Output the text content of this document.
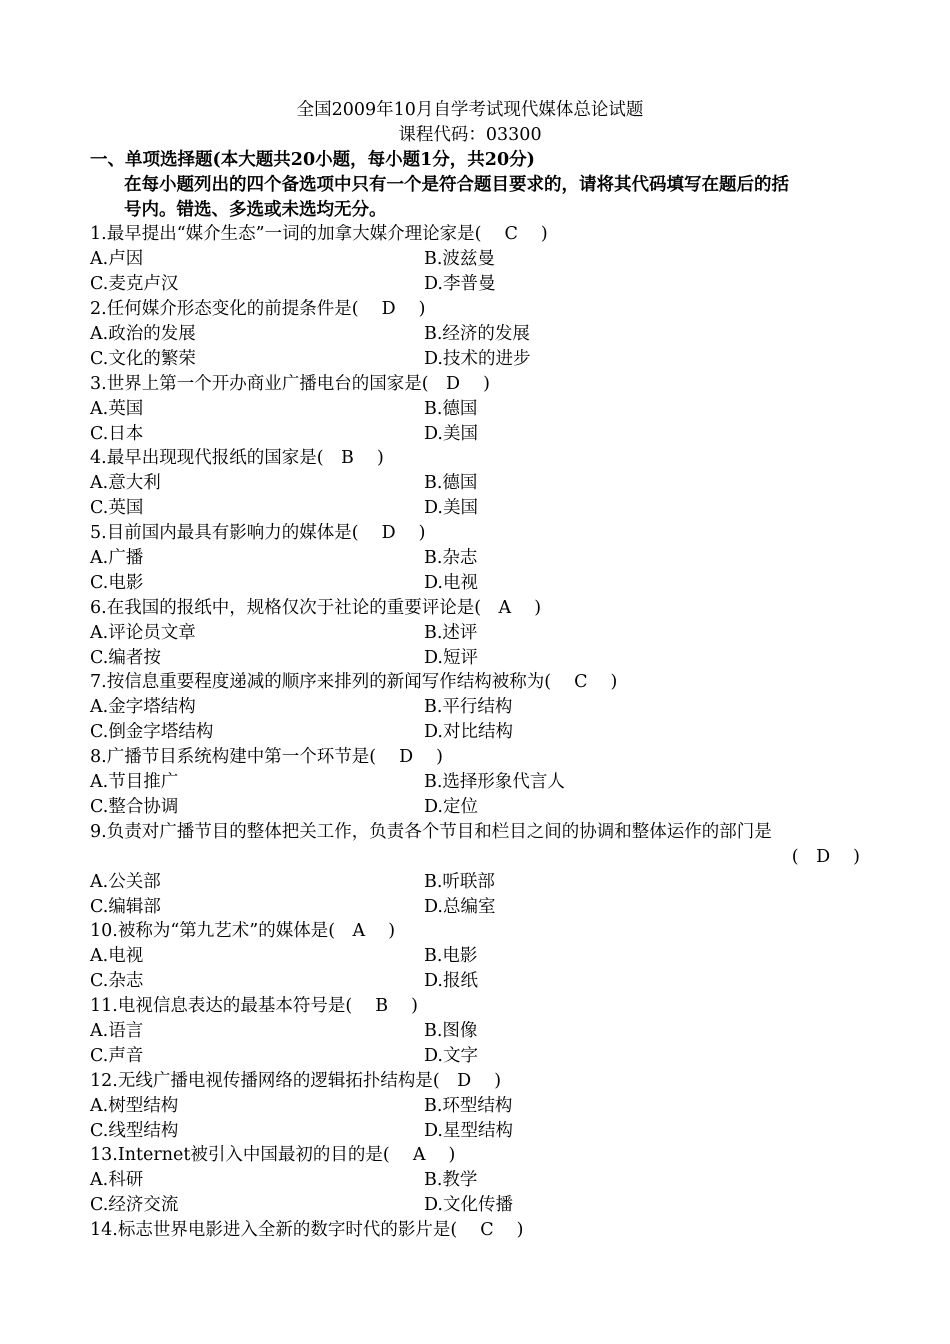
全国2009年10月自学考试现代媒体总论试题
课程代码：03300
一、单项选择题(本大题共20小题，每小题1分，共20分)
在每小题列出的四个备选项中只有一个是符合题目要求的，请将其代码填写在题后的括
号内。错选、多选或未选均无分。
1.最早提出“媒介生态”一词的加拿大媒介理论家是(　 C　 )
A.卢因	B.波兹曼
C.麦克卢汉	D.李普曼
2.任何媒介形态变化的前提条件是(　 D　 )
A.政治的发展	B.经济的发展
C.文化的繁荣	D.技术的进步
3.世界上第一个开办商业广播电台的国家是(　D　 )
A.英国	B.德国
C.日本	D.美国
4.最早出现现代报纸的国家是(　B　 )
A.意大利	B.德国
C.英国	D.美国
5.目前国内最具有影响力的媒体是(　 D　 )
A.广播	B.杂志
C.电影	D.电视
6.在我国的报纸中，规格仅次于社论的重要评论是(　A　 )
A.评论员文章	B.述评
C.编者按	D.短评
7.按信息重要程度递减的顺序来排列的新闻写作结构被称为(　 C　 )
A.金字塔结构	B.平行结构
C.倒金字塔结构	D.对比结构
8.广播节目系统构建中第一个环节是(　 D　 )
A.节目推广	B.选择形象代言人
C.整合协调	D.定位
9.负责对广播节目的整体把关工作，负责各个节目和栏目之间的协调和整体运作的部门是
(　D　 )
A.公关部	B.听联部
C.编辑部	D.总编室
10.被称为“第九艺术”的媒体是(　A　 )
A.电视	B.电影
C.杂志	D.报纸
11.电视信息表达的最基本符号是(　 B　 )
A.语言	B.图像
C.声音	D.文字
12.无线广播电视传播网络的逻辑拓扑结构是(　D　 )
A.树型结构	B.环型结构
C.线型结构	D.星型结构
13.Internet被引入中国最初的目的是(　 A　 )
A.科研	B.教学
C.经济交流	D.文化传播
14.标志世界电影进入全新的数字时代的影片是(　 C　 )
